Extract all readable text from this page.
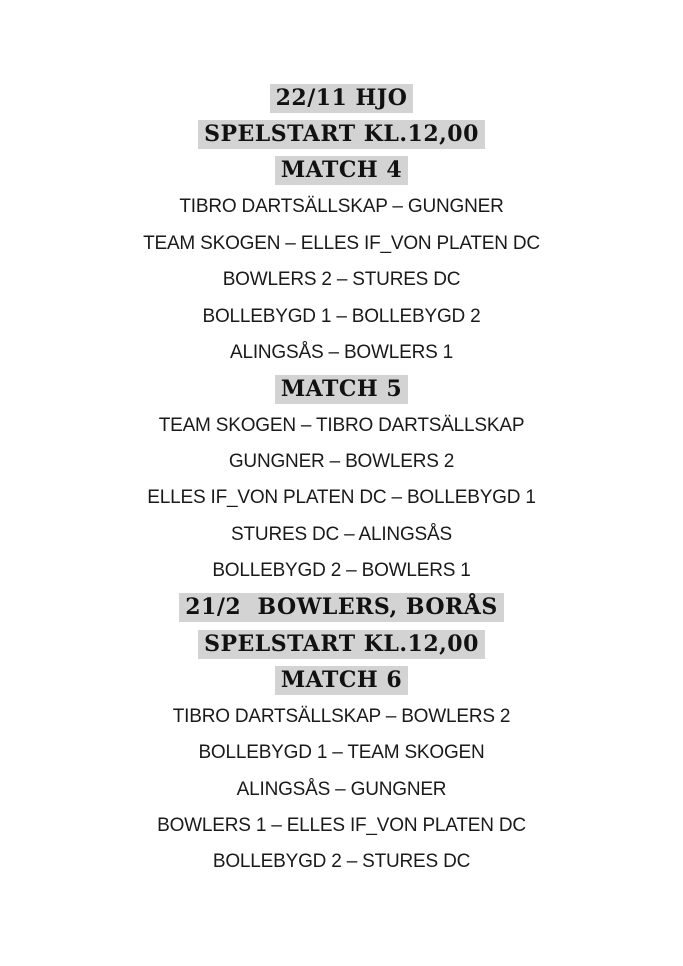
22/11 HJO
SPELSTART KL.12,00
MATCH 4
TIBRO DARTSÄLLSKAP – GUNGNER
TEAM SKOGEN – ELLES IF_VON PLATEN DC
BOWLERS 2 – STURES DC
BOLLEBYGD 1 – BOLLEBYGD 2
ALINGSÅS – BOWLERS 1
MATCH 5
TEAM SKOGEN – TIBRO DARTSÄLLSKAP
GUNGNER – BOWLERS 2
ELLES IF_VON PLATEN DC – BOLLEBYGD 1
STURES DC – ALINGSÅS
BOLLEBYGD 2 – BOWLERS 1
21/2  BOWLERS, BORÅS
SPELSTART KL.12,00
MATCH 6
TIBRO DARTSÄLLSKAP – BOWLERS 2
BOLLEBYGD 1 – TEAM SKOGEN
ALINGSÅS – GUNGNER
BOWLERS 1 – ELLES IF_VON PLATEN DC
BOLLEBYGD 2 – STURES DC
